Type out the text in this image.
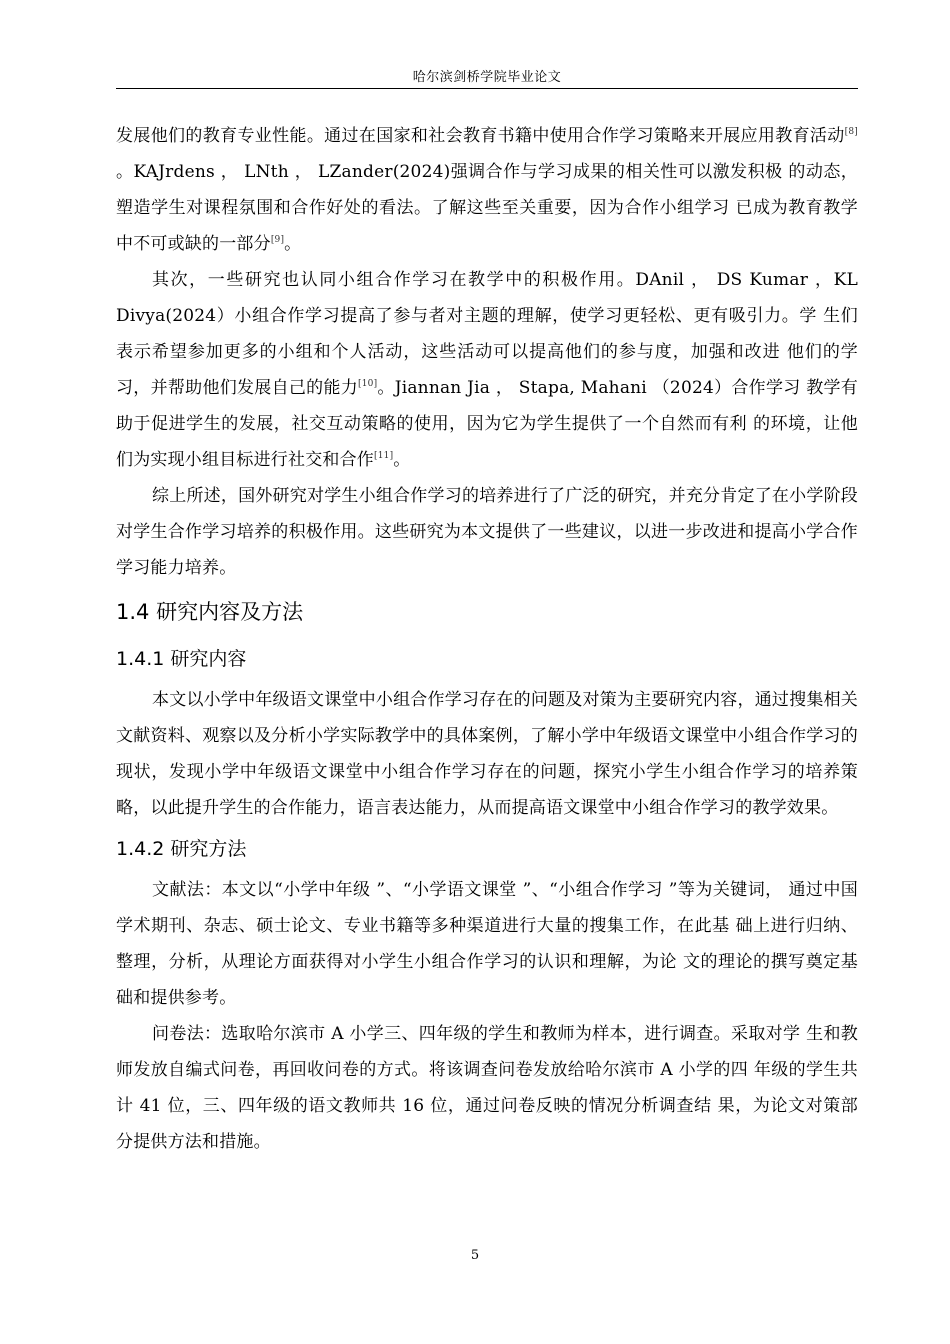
哈尔滨剑桥学院毕业论文

发展他们的教育专业性能。通过在国家和社会教育书籍中使用合作学习策略来开展应用教育活动[8] 。KAJrdens ， LNth ， LZander(2024)强调合作与学习成果的相关性可以激发积极 的动态，塑造学生对课程氛围和合作好处的看法。了解这些至关重要，因为合作小组学习 已成为教育教学中不可或缺的一部分[9]。

其次，一些研究也认同小组合作学习在教学中的积极作用。DAnil ， DS Kumar ，KL Divya(2024）小组合作学习提高了参与者对主题的理解，使学习更轻松、更有吸引力。学 生们表示希望参加更多的小组和个人活动，这些活动可以提高他们的参与度，加强和改进 他们的学习，并帮助他们发展自己的能力[10]。Jiannan Jia ， Stapa, Mahani （2024）合作学习 教学有助于促进学生的发展，社交互动策略的使用，因为它为学生提供了一个自然而有利 的环境，让他们为实现小组目标进行社交和合作[11]。

综上所述，国外研究对学生小组合作学习的培养进行了广泛的研究，并充分肯定了在小学阶段对学生合作学习培养的积极作用。这些研究为本文提供了一些建议，以进一步改进和提高小学合作学习能力培养。

1.4 研究内容及方法
1.4.1 研究内容

本文以小学中年级语文课堂中小组合作学习存在的问题及对策为主要研究内容，通过搜集相关文献资料、观察以及分析小学实际教学中的具体案例，了解小学中年级语文课堂中小组合作学习的现状，发现小学中年级语文课堂中小组合作学习存在的问题，探究小学生小组合作学习的培养策略，以此提升学生的合作能力，语言表达能力，从而提高语文课堂中小组合作学习的教学效果。

1.4.2 研究方法

文献法：本文以“小学中年级 ”、“小学语文课堂 ”、“小组合作学习 ”等为关键词， 通过中国学术期刊、杂志、硕士论文、专业书籍等多种渠道进行大量的搜集工作，在此基 础上进行归纳、整理，分析，从理论方面获得对小学生小组合作学习的认识和理解，为论 文的理论的撰写奠定基础和提供参考。

问卷法：选取哈尔滨市 A 小学三、四年级的学生和教师为样本，进行调查。采取对学 生和教师发放自编式问卷，再回收问卷的方式。将该调查问卷发放给哈尔滨市 A 小学的四 年级的学生共计 41 位，三、四年级的语文教师共 16 位，通过问卷反映的情况分析调查结 果，为论文对策部分提供方法和措施。

5
